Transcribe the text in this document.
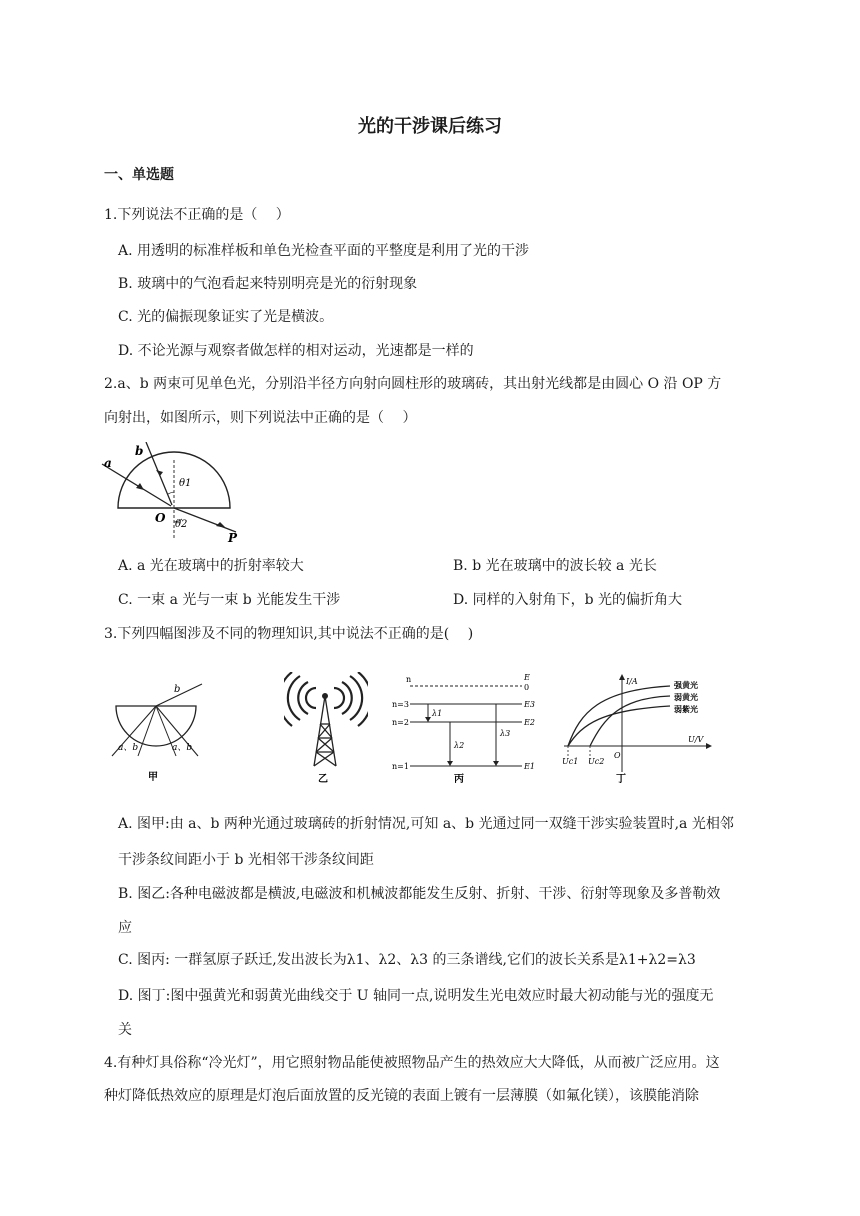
光的干涉课后练习
一、单选题
1.下列说法不正确的是（　 ）
A. 用透明的标准样板和单色光检查平面的平整度是利用了光的干涉
B. 玻璃中的气泡看起来特别明亮是光的衍射现象
C. 光的偏振现象证实了光是横波。
D. 不论光源与观察者做怎样的相对运动，光速都是一样的
2.a、b 两束可见单色光，分别沿半径方向射向圆柱形的玻璃砖，其出射光线都是由圆心 O 沿 OP 方
向射出，如图所示，则下列说法中正确的是（　 ）
a
b
θ1
O θ2
P
A. a 光在玻璃中的折射率较大	B. b 光在玻璃中的波长较 a 光长
C. 一束 a 光与一束 b 光能发生干涉	D. 同样的入射角下，b 光的偏折角大
3.下列四幅图涉及不同的物理知识,其中说法不正确的是(　 )
b
a、b	a、b
甲	乙
n
n=3
n=2
n=1
λ1
λ2
λ3
E
0
E3
E2
E1
丙
I/A
U/V
O
Uc1 Uc2
强黄光
弱黄光
弱紫光
丁
A. 图甲:由 a、b 两种光通过玻璃砖的折射情况,可知 a、b 光通过同一双缝干涉实验装置时,a 光相邻
干涉条纹间距小于 b 光相邻干涉条纹间距
B. 图乙:各种电磁波都是横波,电磁波和机械波都能发生反射、折射、干涉、衍射等现象及多普勒效
应
C. 图丙: 一群氢原子跃迁,发出波长为λ1、λ2、λ3 的三条谱线,它们的波长关系是λ1+λ2=λ3
D. 图丁:图中强黄光和弱黄光曲线交于 U 轴同一点,说明发生光电效应时最大初动能与光的强度无
关
4.有种灯具俗称“冷光灯”，用它照射物品能使被照物品产生的热效应大大降低，从而被广泛应用。这
种灯降低热效应的原理是灯泡后面放置的反光镜的表面上镀有一层薄膜（如氟化镁），该膜能消除
